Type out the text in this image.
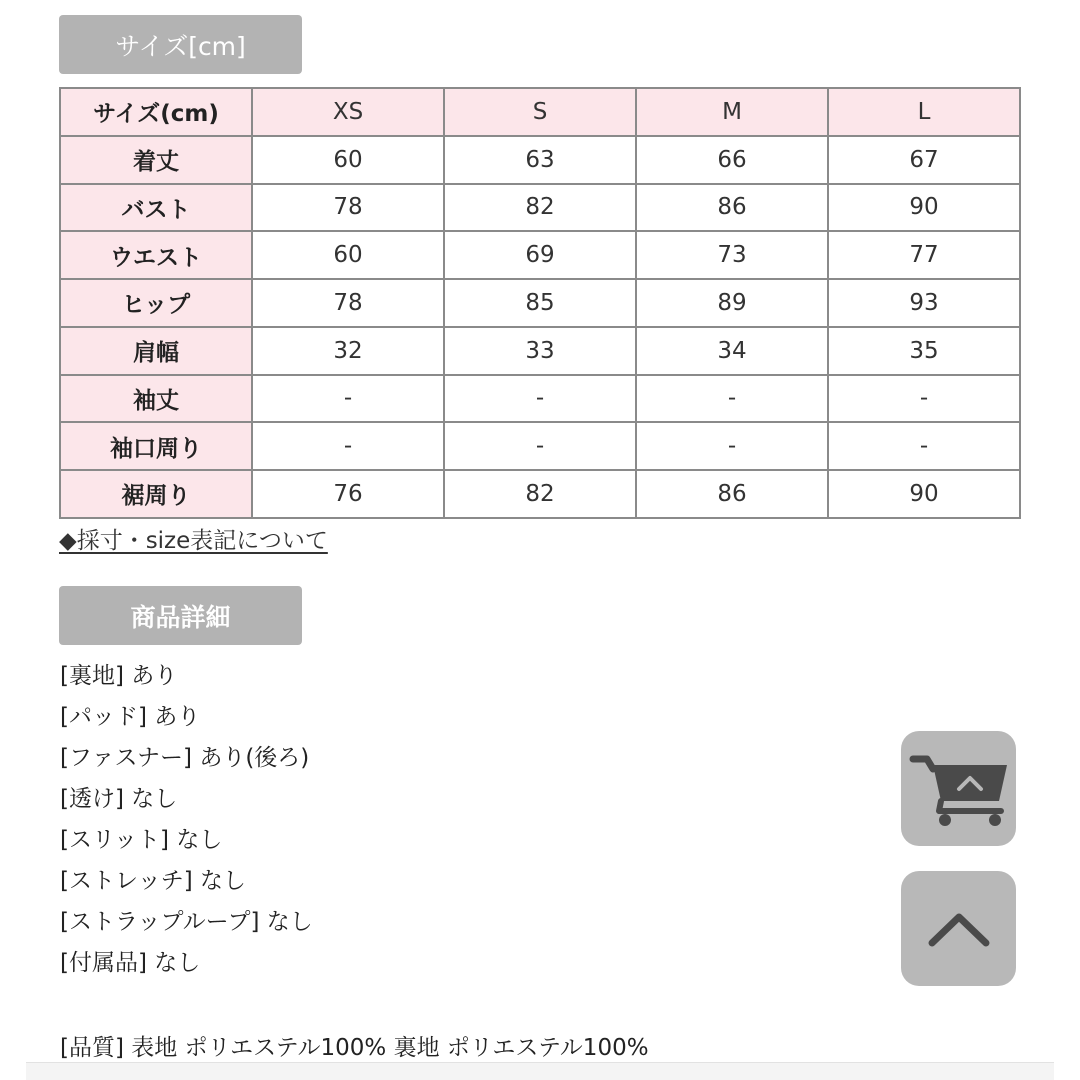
サイズ[cm]
サイズ(cm)	XS	S	M	L
着丈	60	63	66	67
バスト	78	82	86	90
ウエスト	60	69	73	77
ヒップ	78	85	89	93
肩幅	32	33	34	35
袖丈	-	-	-	-
袖口周り	-	-	-	-
裾周り	76	82	86	90
◆採寸・size表記について
商品詳細
[裏地] あり
[パッド] あり
[ファスナー] あり(後ろ)
[透け] なし
[スリット] なし
[ストレッチ] なし
[ストラップループ] なし
[付属品] なし
[品質] 表地 ポリエステル100% 裏地 ポリエステル100%
